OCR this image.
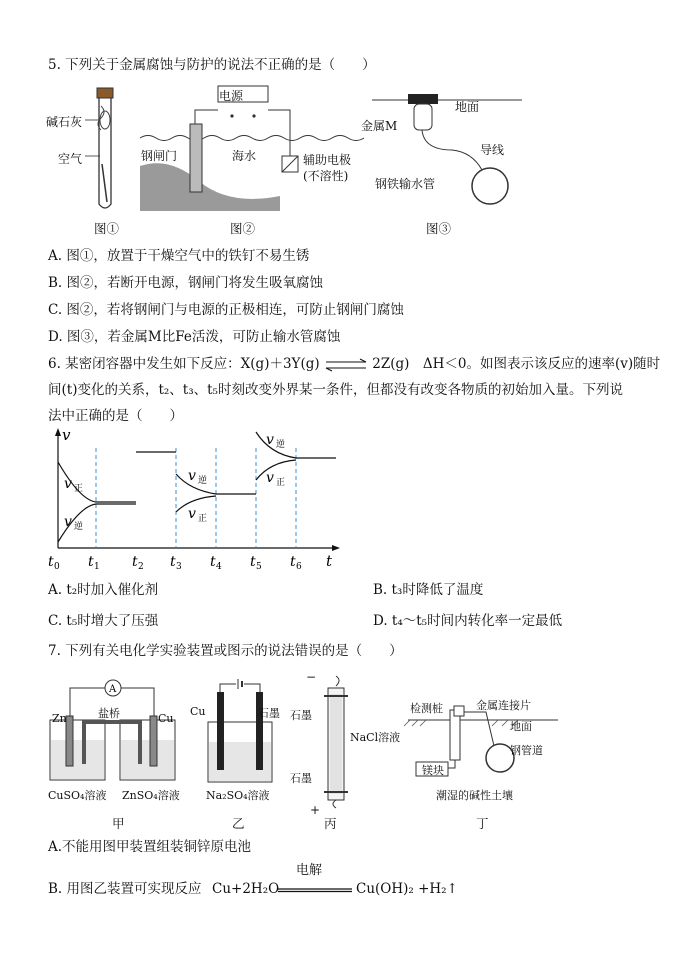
5. 下列关于金属腐蚀与防护的说法不正确的是（　　）
碱石灰
空气
图①
电源
钢闸门	海水	辅助电极
(不溶性)
图②
地面
金属M
导线
钢铁输水管
图③
A. 图①，放置于干燥空气中的铁钉不易生锈
B. 图②，若断开电源，钢闸门将发生吸氧腐蚀
C. 图②，若将钢闸门与电源的正极相连，可防止钢闸门腐蚀
D. 图③，若金属M比Fe活泼，可防止输水管腐蚀
6. 某密闭容器中发生如下反应：X(g)＋3Y(g) ⇌ 2Z(g)　ΔH＜0。如图表示该反应的速率(v)随时
间(t)变化的关系，t₂、t₃、t₅时刻改变外界某一条件，但都没有改变各物质的初始加入量。下列说
法中正确的是（　　）
v
t
v 正
v 逆
v 逆
v 正
v 逆
v 正
t t	t t t t t
0	1	2	3	4	5	6
A. t₂时加入催化剂	B. t₃时降低了温度
C. t₅时增大了压强	D. t₄～t₅时间内转化率一定最低
7. 下列有关电化学实验装置或图示的说法错误的是（　　）
A
Zn	盐桥	Cu
CuSO₄溶液 ZnSO₄溶液
甲
Cu	石墨
Na₂SO₄溶液
乙
−
石墨
NaCl溶液
石墨
+
丙
检测桩	金属连接片
地面
镁块
钢管道
潮湿的碱性土壤
丁
A.不能用图甲装置组装铜锌原电池
B. 用图乙装置可实现反应 Cu+2H₂O
电解
Cu(OH)₂ +H₂↑
